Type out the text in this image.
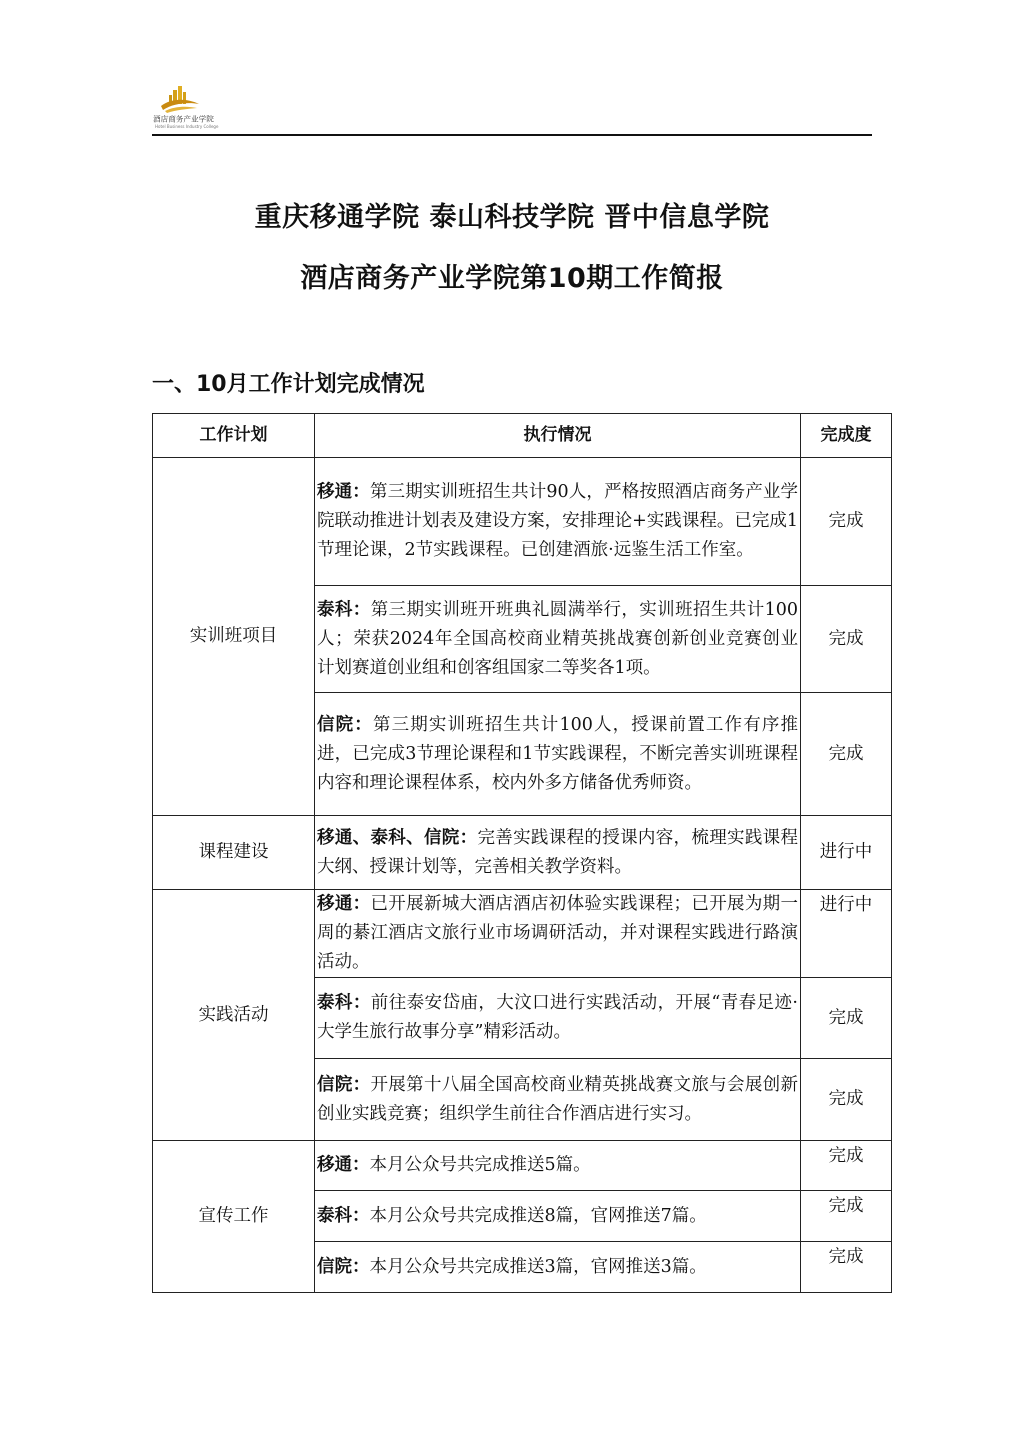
酒店商务产业学院
Hotel Business Industry College
重庆移通学院 泰山科技学院 晋中信息学院
酒店商务产业学院第10期工作简报
一、10月工作计划完成情况
工作计划	执行情况	完成度
实训班项目	移通：第三期实训班招生共计90人，严格按照酒店商务产业学院联动推进计划表及建设方案，安排理论+实践课程。已完成1节理论课，2节实践课程。已创建酒旅·远鉴生活工作室。	完成
	泰科：第三期实训班开班典礼圆满举行，实训班招生共计100人；荣获2024年全国高校商业精英挑战赛创新创业竞赛创业计划赛道创业组和创客组国家二等奖各1项。	完成
	信院：第三期实训班招生共计100人，授课前置工作有序推进，已完成3节理论课程和1节实践课程，不断完善实训班课程内容和理论课程体系，校内外多方储备优秀师资。	完成
课程建设	移通、泰科、信院：完善实践课程的授课内容，梳理实践课程大纲、授课计划等，完善相关教学资料。	进行中
实践活动	移通：已开展新城大酒店酒店初体验实践课程；已开展为期一周的綦江酒店文旅行业市场调研活动，并对课程实践进行路演活动。	进行中
	泰科：前往泰安岱庙，大汶口进行实践活动，开展“青春足迹·大学生旅行故事分享”精彩活动。	完成
	信院：开展第十八届全国高校商业精英挑战赛文旅与会展创新创业实践竞赛；组织学生前往合作酒店进行实习。	完成
宣传工作	移通：本月公众号共完成推送5篇。	完成
	泰科：本月公众号共完成推送8篇，官网推送7篇。	完成
	信院：本月公众号共完成推送3篇，官网推送3篇。	完成
